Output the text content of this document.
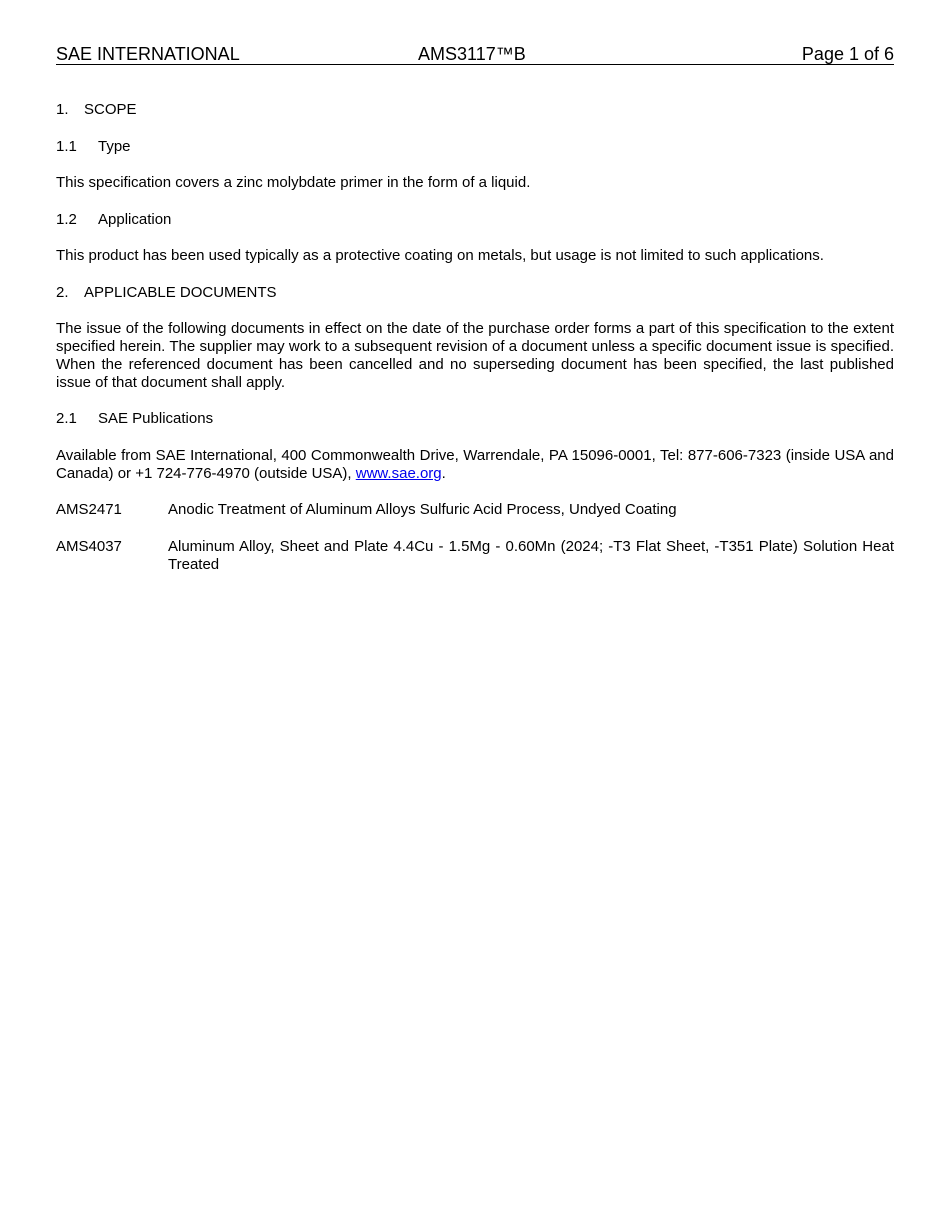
SAE INTERNATIONAL	AMS3117™B	Page 1 of 6
1. SCOPE
1.1 Type
This specification covers a zinc molybdate primer in the form of a liquid.
1.2 Application
This product has been used typically as a protective coating on metals, but usage is not limited to such applications.
2. APPLICABLE DOCUMENTS
The issue of the following documents in effect on the date of the purchase order forms a part of this specification to the extent specified herein. The supplier may work to a subsequent revision of a document unless a specific document issue is specified. When the referenced document has been cancelled and no superseding document has been specified, the last published issue of that document shall apply.
2.1 SAE Publications
Available from SAE International, 400 Commonwealth Drive, Warrendale, PA 15096-0001, Tel: 877-606-7323 (inside USA and Canada) or +1 724-776-4970 (outside USA), www.sae.org.
AMS2471	Anodic Treatment of Aluminum Alloys Sulfuric Acid Process, Undyed Coating
AMS4037	Aluminum Alloy, Sheet and Plate 4.4Cu - 1.5Mg - 0.60Mn (2024; -T3 Flat Sheet, -T351 Plate) Solution Heat Treated
